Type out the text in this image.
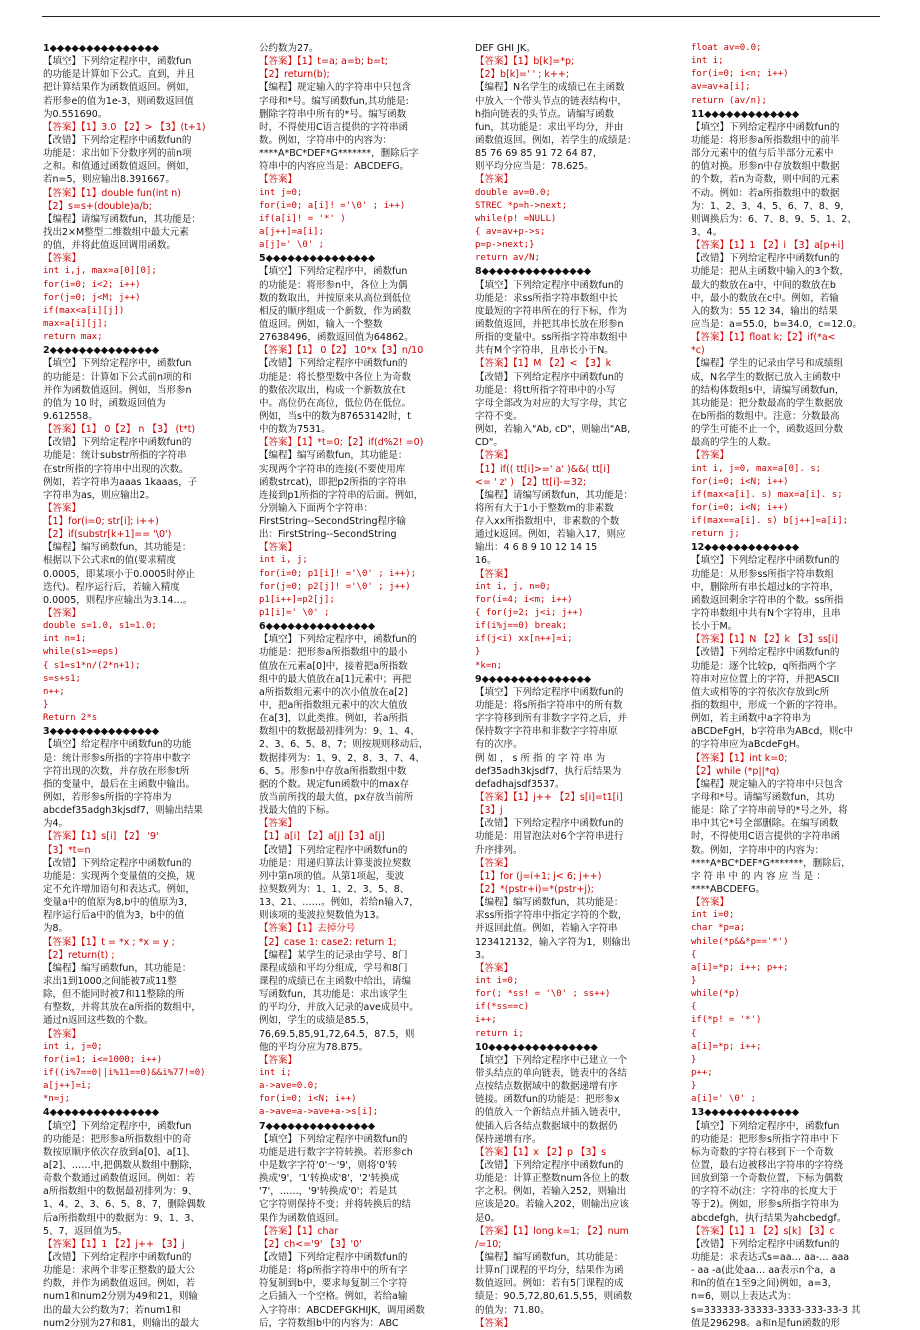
1◆◆◆◆◆◆◆◆◆◆◆◆◆◆◆
【填空】下列给定程序中，函数fun
的功能是计算如下公式。直到，并且
把计算结果作为函数值返回。例如，
若形参e的值为1e-3，则函数返回值
为0.551690。
【答案】【1】3.0 【2】> 【3】(t+1)
【改错】下列给定程序中函数fun的
功能是：求出如下分数序列的前n项
之和。和值通过函数值返回。例如，
若n=5，则应输出8.391667。
【答案】【1】double fun(int n)
【2】s=s+(double)a/b;
【编程】请编写函数fun，其功能是：
找出2×M整型二维数组中最大元素
的值，并将此值返回调用函数。
【答案】
int i,j, max=a[0][0];
for(i=0; i<2; i++)
for(j=0; j<M; j++)
if(max<a[i][j])
max=a[i][j];
return max;
2◆◆◆◆◆◆◆◆◆◆◆◆◆◆◆
【填空】下列给定程序中，函数fun
的功能是：计算如下公式前n项的和
并作为函数值返回。例如，当形参n
的值为 10 时，函数返回值为
9.612558。
【答案】【1】 0【2】 n 【3】 (t*t)
【改错】下列给定程序中函数fun的
功能是：统计substr所指的字符串
在str所指的字符串中出现的次数。
例如，若字符串为aaas 1kaaas，子
字符串为as，则应输出2。
【答案】
【1】for(i=0; str[i]; i++)
【2】if(substr[k+1]== '\0')
【编程】编写函数fun，其功能是：
根据以下公式求π的值(要求精度
0.0005，即某项小于0.0005时停止
迭代)。程序运行后，若输入精度
0.0005，则程序应输出为3.14…。
【答案】
double s=1.0, s1=1.0;
int n=1;
while(s1>=eps)
{ s1=s1*n/(2*n+1);
s=s+s1;
n++;
}
Return 2*s
3◆◆◆◆◆◆◆◆◆◆◆◆◆◆◆
【填空】给定程序中函数fun的功能
是：统计形参s所指的字符串中数字
字符出现的次数，并存放在形参t所
指的变量中，最后在主函数中输出。
例如，若形参s所指的字符串为
abcdef35adgh3kjsdf7，则输出结果
为4。
【答案】【1】s[i] 【2】 '9'
【3】*t=n
【改错】下列给定程序中函数fun的
功能是：实现两个变量值的交换，规
定不允许增加语句和表达式。例如，
变量a中的值原为8,b中的值原为3，
程序运行后a中的值为3，b中的值
为8。
【答案】【1】t = *x ; *x = y ;
【2】return(t) ;
【编程】编写函数fun，其功能是：
求出1到1000之间能被7或11整
除，但不能同时被7和11整除的所
有整数，并将其放在a所指的数组中，
通过n返回这些数的个数。
【答案】
int i, j=0;
for(i=1; i<=1000; i++)
if((i%7==0||i%11==0)&&i%77!=0)
a[j++]=i;
*n=j;
4◆◆◆◆◆◆◆◆◆◆◆◆◆◆◆
【填空】下列给定程序中，函数fun
的功能是：把形参a所指数组中的奇
数按原顺序依次存放到a[0]、a[1]、
a[2]、……中,把偶数从数组中删除，
奇数个数通过函数值返回。例如：若
a所指数组中的数据最初排列为：9、
1、4、2、3、6、5、8、7，删除偶数
后a所指数组中的数据为：9、1、3、
5、7，返回值为5。
【答案】【1】1 【2】j++ 【3】j
【改错】下列给定程序中函数fun的
功能是：求两个非零正整数的最大公
约数，并作为函数值返回。例如，若
num1和num2分别为49和21，则输
出的最大公约数为7；若num1和
num2分别为27和81，则输出的最大
公约数为27。
【答案】【1】t=a; a=b; b=t;
【2】return(b);
【编程】规定输入的字符串中只包含
字母和*号。编写函数fun,其功能是:
删除字符串中所有的*号。编写函数
时，不得使用C语言提供的字符串函
数。例如，字符串中的内容为：
****A*BC*DEF*G*******，删除后字
符串中的内容应当是：ABCDEFG。
【答案】
int j=0;
for(i=0; a[i]! ='\0' ; i++)
if(a[i]! = '*' )
a[j++]=a[i];
a[j]=' \0' ;
5◆◆◆◆◆◆◆◆◆◆◆◆◆◆◆
【填空】下列给定程序中，函数fun
的功能是：将形参n中，各位上为偶
数的数取出，并按原来从高位到低位
相反的顺序组成一个新数，作为函数
值返回。例如，输入一个整数
27638496，函数返回值为64862。
【答案】【1】 0【2】 10*x【3】n/10
【改错】下列给定程序中函数fun的
功能是：将长整型数中各位上为奇数
的数依次取出，构成一个新数放在t
中。高位仍在高位，低位仍在低位。
例如，当s中的数为87653142时，t
中的数为7531。
【答案】【1】*t=0;【2】if(d%2! =0)
【编程】编写函数fun，其功能是：
实现两个字符串的连接(不要使用库
函数strcat)，即把p2所指的字符串
连接到p1所指的字符串的后面。例如，
分别输入下面两个字符串：
FirstString--SecondString程序输
出：FirstString--SecondString
【答案】
int i, j;
for(i=0; p1[i]! ='\0' ; i++);
for(j=0; p2[j]! ='\0' ; j++)
p1[i++]=p2[j];
p1[i]=' \0' ;
6◆◆◆◆◆◆◆◆◆◆◆◆◆◆◆
【填空】下列给定程序中，函数fun的
功能是：把形参a所指数组中的最小
值放在元素a[0]中，接着把a所指数
组中的最大值放在a[1]元素中；再把
a所指数组元素中的次小值放在a[2]
中，把a所指数组元素中的次大值放
在a[3]，以此类推。例如，若a所指
数组中的数据最初排列为：9、1、4、
2、3、6、5、8、7；则按规则移动后，
数据排列为：1、9、2、8、3、7、4、
6、5。形参n中存放a所指数组中数
据的个数。规定fun函数中的max存
放当前所找的最大值，px存放当前所
找最大值的下标。
【答案】
【1】a[i] 【2】a[j]【3】a[j]
【改错】下列给定程序中函数fun的
功能是：用递归算法计算斐波拉契数
列中第n项的值。从第1项起，斐波
拉契数列为：1、1、2、3、5、8、
13、21、……。例如，若给n输入7，
则该项的斐波拉契数值为13。
【答案】【1】去掉分号
【2】case 1: case2: return 1;
【编程】某学生的记录由学号、8门
课程成绩和平均分组成，学号和8门
课程的成绩已在主函数中给出，请编
写函数fun，其功能是：求出该学生
的平均分，并放入记录的ave成员中。
例如，学生的成绩是85.5，
76,69.5,85,91,72,64.5，87.5，则
他的平均分应为78.875。
【答案】
int i;
a->ave=0.0;
for(i=0; i<N; i++)
a->ave=a->ave+a->s[i];
7◆◆◆◆◆◆◆◆◆◆◆◆◆◆◆
【填空】下列给定程序中函数fun的
功能是进行数字字符转换。若形参ch
中是数字字符'0'～'9'，则将'0'转
换成'9'，'1'转换成'8'，'2'转换成
'7'，……，'9'转换成'0'；若是其
它字符则保持不变；并将转换后的结
果作为函数值返回。
【答案】【1】char
【2】ch<='9' 【3】'0'
【改错】下列给定程序中函数fun的
功能是：将p所指字符串中的所有字
符复制到b中，要求每复制三个字符
之后插入一个空格。例如，若给a输
入字符串：ABCDEFGKHIJK，调用函数
后，字符数组b中的内容为：ABC
DEF GHI JK。
【答案】【1】b[k]=*p;
【2】b[k]=' ' ; k++;
【编程】N名学生的成绩已在主函数
中放入一个带头节点的链表结构中，
h指向链表的头节点。请编写函数
fun，其功能是：求出平均分，并由
函数值返回。例如，若学生的成绩是：
85 76 69 85 91 72 64 87，
则平均分应当是：78.625。
【答案】
double av=0.0;
STREC *p=h->next;
while(p! =NULL)
{ av=av+p->s;
p=p->next;}
return av/N;
8◆◆◆◆◆◆◆◆◆◆◆◆◆◆◆
【填空】下列给定程序中函数fun的
功能是：求ss所指字符串数组中长
度最短的字符串所在的行下标，作为
函数值返回，并把其串长放在形参n
所指的变量中。ss所指字符串数组中
共有M个字符串，且串长小于N。
【答案】【1】M 【2】< 【3】k
【改错】下列给定程序中函数fun的
功能是：将tt所指字符串中的小写
字母全部改为对应的大写字母，其它
字符不变。
例如，若输入"Ab, cD"，则输出"AB,
CD"。
【答案】
【1】if(( tt[i]>=' a' )&&( tt[i]
<= ' z' ) 【2】tt[i]-=32;
【编程】请编写函数fun，其功能是：
将所有大于1小于整数m的非素数
存入xx所指数组中，非素数的个数
通过k返回。例如，若输入17，则应
输出：4 6 8 9 10 12 14 15
16。
【答案】
int i, j, n=0;
for(i=4; i<m; i++)
{ for(j=2; j<i; j++)
if(i%j==0) break;
if(j<i) xx[n++]=i;
}
*k=n;
9◆◆◆◆◆◆◆◆◆◆◆◆◆◆◆
【填空】下列给定程序中函数fun的
功能是：将s所指字符串中的所有数
字字符移到所有非数字字符之后，并
保持数字字符串和非数字字符串原
有的次序。
例 如 ， s 所 指 的 字 符 串 为
def35adh3kjsdf7，执行后结果为
defadhajsdf3537。
【答案】【1】j++ 【2】s[i]=t1[i]
【3】j
【改错】下列给定程序中函数fun的
功能是：用冒泡法对6个字符串进行
升序排列。
【答案】
【1】for (j=i+1; j< 6; j++)
【2】*(pstr+i)=*(pstr+j);
【编程】编写函数fun，其功能是：
求ss所指字符串中指定字符的个数，
并返回此值。例如，若输入字符串
123412132，输入字符为1，则输出
3。
【答案】
int i=0;
for(; *ss! = '\0' ; ss++)
if(*ss==c)
i++;
return i;
10◆◆◆◆◆◆◆◆◆◆◆◆◆◆◆
【填空】下列给定程序中已建立一个
带头结点的单向链表，链表中的各结
点按结点数据域中的数据递增有序
链接。函数fun的功能是：把形参x
的值放入一个新结点并插入链表中，
使插入后各结点数据域中的数据仍
保持递增有序。
【答案】【1】x 【2】p 【3】s
【改错】下列给定程序中函数fun的
功能是：计算正整数num各位上的数
字之积。例如，若输入252，则输出
应该是20。若输入202，则输出应该
是0。
【答案】【1】long k=1; 【2】num
/=10;
【编程】编写函数fun，其功能是：
计算n门课程的平均分，结果作为函
数值返回。例如：若有5门课程的成
绩是：90.5,72,80,61.5,55，则函数
的值为：71.80。
【答案】
float av=0.0;
int i;
for(i=0; i<n; i++)
av=av+a[i];
return (av/n);
11◆◆◆◆◆◆◆◆◆◆◆◆◆
【填空】下列给定程序中函数fun的
功能是：将形参a所指数组中的前半
部分元素中的值与后半部分元素中
的值对换。形参n中存放数组中数据
的个数，若n为奇数，则中间的元素
不动。例如：若a所指数组中的数据
为：1、2、3、4、5、6、7、8、9，
则调换后为：6、7、8、9、5、1、2、
3、4。
【答案】【1】1 【2】i 【3】a[p+i]
【改错】下列给定程序中函数fun的
功能是：把从主函数中输入的3个数，
最大的数放在a中，中间的数放在b
中，最小的数放在c中。例如，若输
入的数为：55 12 34，输出的结果
应当是：a=55.0，b=34.0，c=12.0。
【答案】【1】float k;【2】if(*a<
*c)
【编程】学生的记录由学号和成绩组
成，N名学生的数据已放入主函数中
的结构体数组s中，请编写函数fun，
其功能是：把分数最高的学生数据放
在b所指的数组中。注意：分数最高
的学生可能不止一个，函数返回分数
最高的学生的人数。
【答案】
int i, j=0, max=a[0]. s;
for(i=0; i<N; i++)
if(max<a[i]. s) max=a[i]. s;
for(i=0; i<N; i++)
if(max==a[i]. s) b[j++]=a[i];
return j;
12◆◆◆◆◆◆◆◆◆◆◆◆◆
【填空】下列给定程序中函数fun的
功能是：从形参ss所指字符串数组
中，删除所有串长超过k的字符串，
函数返回剩余字符串的个数。ss所指
字符串数组中共有N个字符串，且串
长小于M。
【答案】【1】N 【2】k 【3】ss[i]
【改错】下列给定程序中函数fun的
功能是：逐个比较p，q所指两个字
符串对应位置上的字符，并把ASCII
值大或相等的字符依次存放到c所
指的数组中，形成一个新的字符串。
例如，若主函数中a字符串为
aBCDeFgH，b字符串为ABcd，则c中
的字符串应为aBcdeFgH。
【答案】【1】int k=0;
【2】while (*p||*q)
【编程】规定输入的字符串中只包含
字母和*号。请编写函数fun，其功
能是：除了字符串前导的*号之外，将
串中其它*号全部删除。在编写函数
时，不得使用C语言提供的字符串函
数。例如，字符串中的内容为：
****A*BC*DEF*G*******，删除后，
字 符 串 中 的 内 容 应 当 是 ：
****ABCDEFG。
【答案】
int i=0;
char *p=a;
while(*p&&*p=='*')
{
a[i]=*p; i++; p++;
}
while(*p)
{
if(*p! = '*')
{
a[i]=*p; i++;
}
p++;
}
a[i]=' \0' ;
13◆◆◆◆◆◆◆◆◆◆◆◆◆
【填空】下列给定程序中，函数fun
的功能是：把形参s所指字符串中下
标为奇数的字符右移到下一个奇数
位置，最右边被移出字符串的字符绕
回放到第一个奇数位置，下标为偶数
的字符不动(注：字符串的长度大于
等于2)。例如，形参s所指字符串为
abcdefgh，执行结果为ahcbedgf。
【答案】【1】1 【2】s[k] 【3】c
【改错】下列给定程序中函数fun的
功能是：求表达式s=aa… aa-… aaa
- aa -a(此处aa… aa表示n个a，a
和n的值在1至9之间)例如，a=3，
n=6，则以上表达式为：
s=333333-33333-3333-333-33-3 其
值是296298。a和n是fun函数的形
